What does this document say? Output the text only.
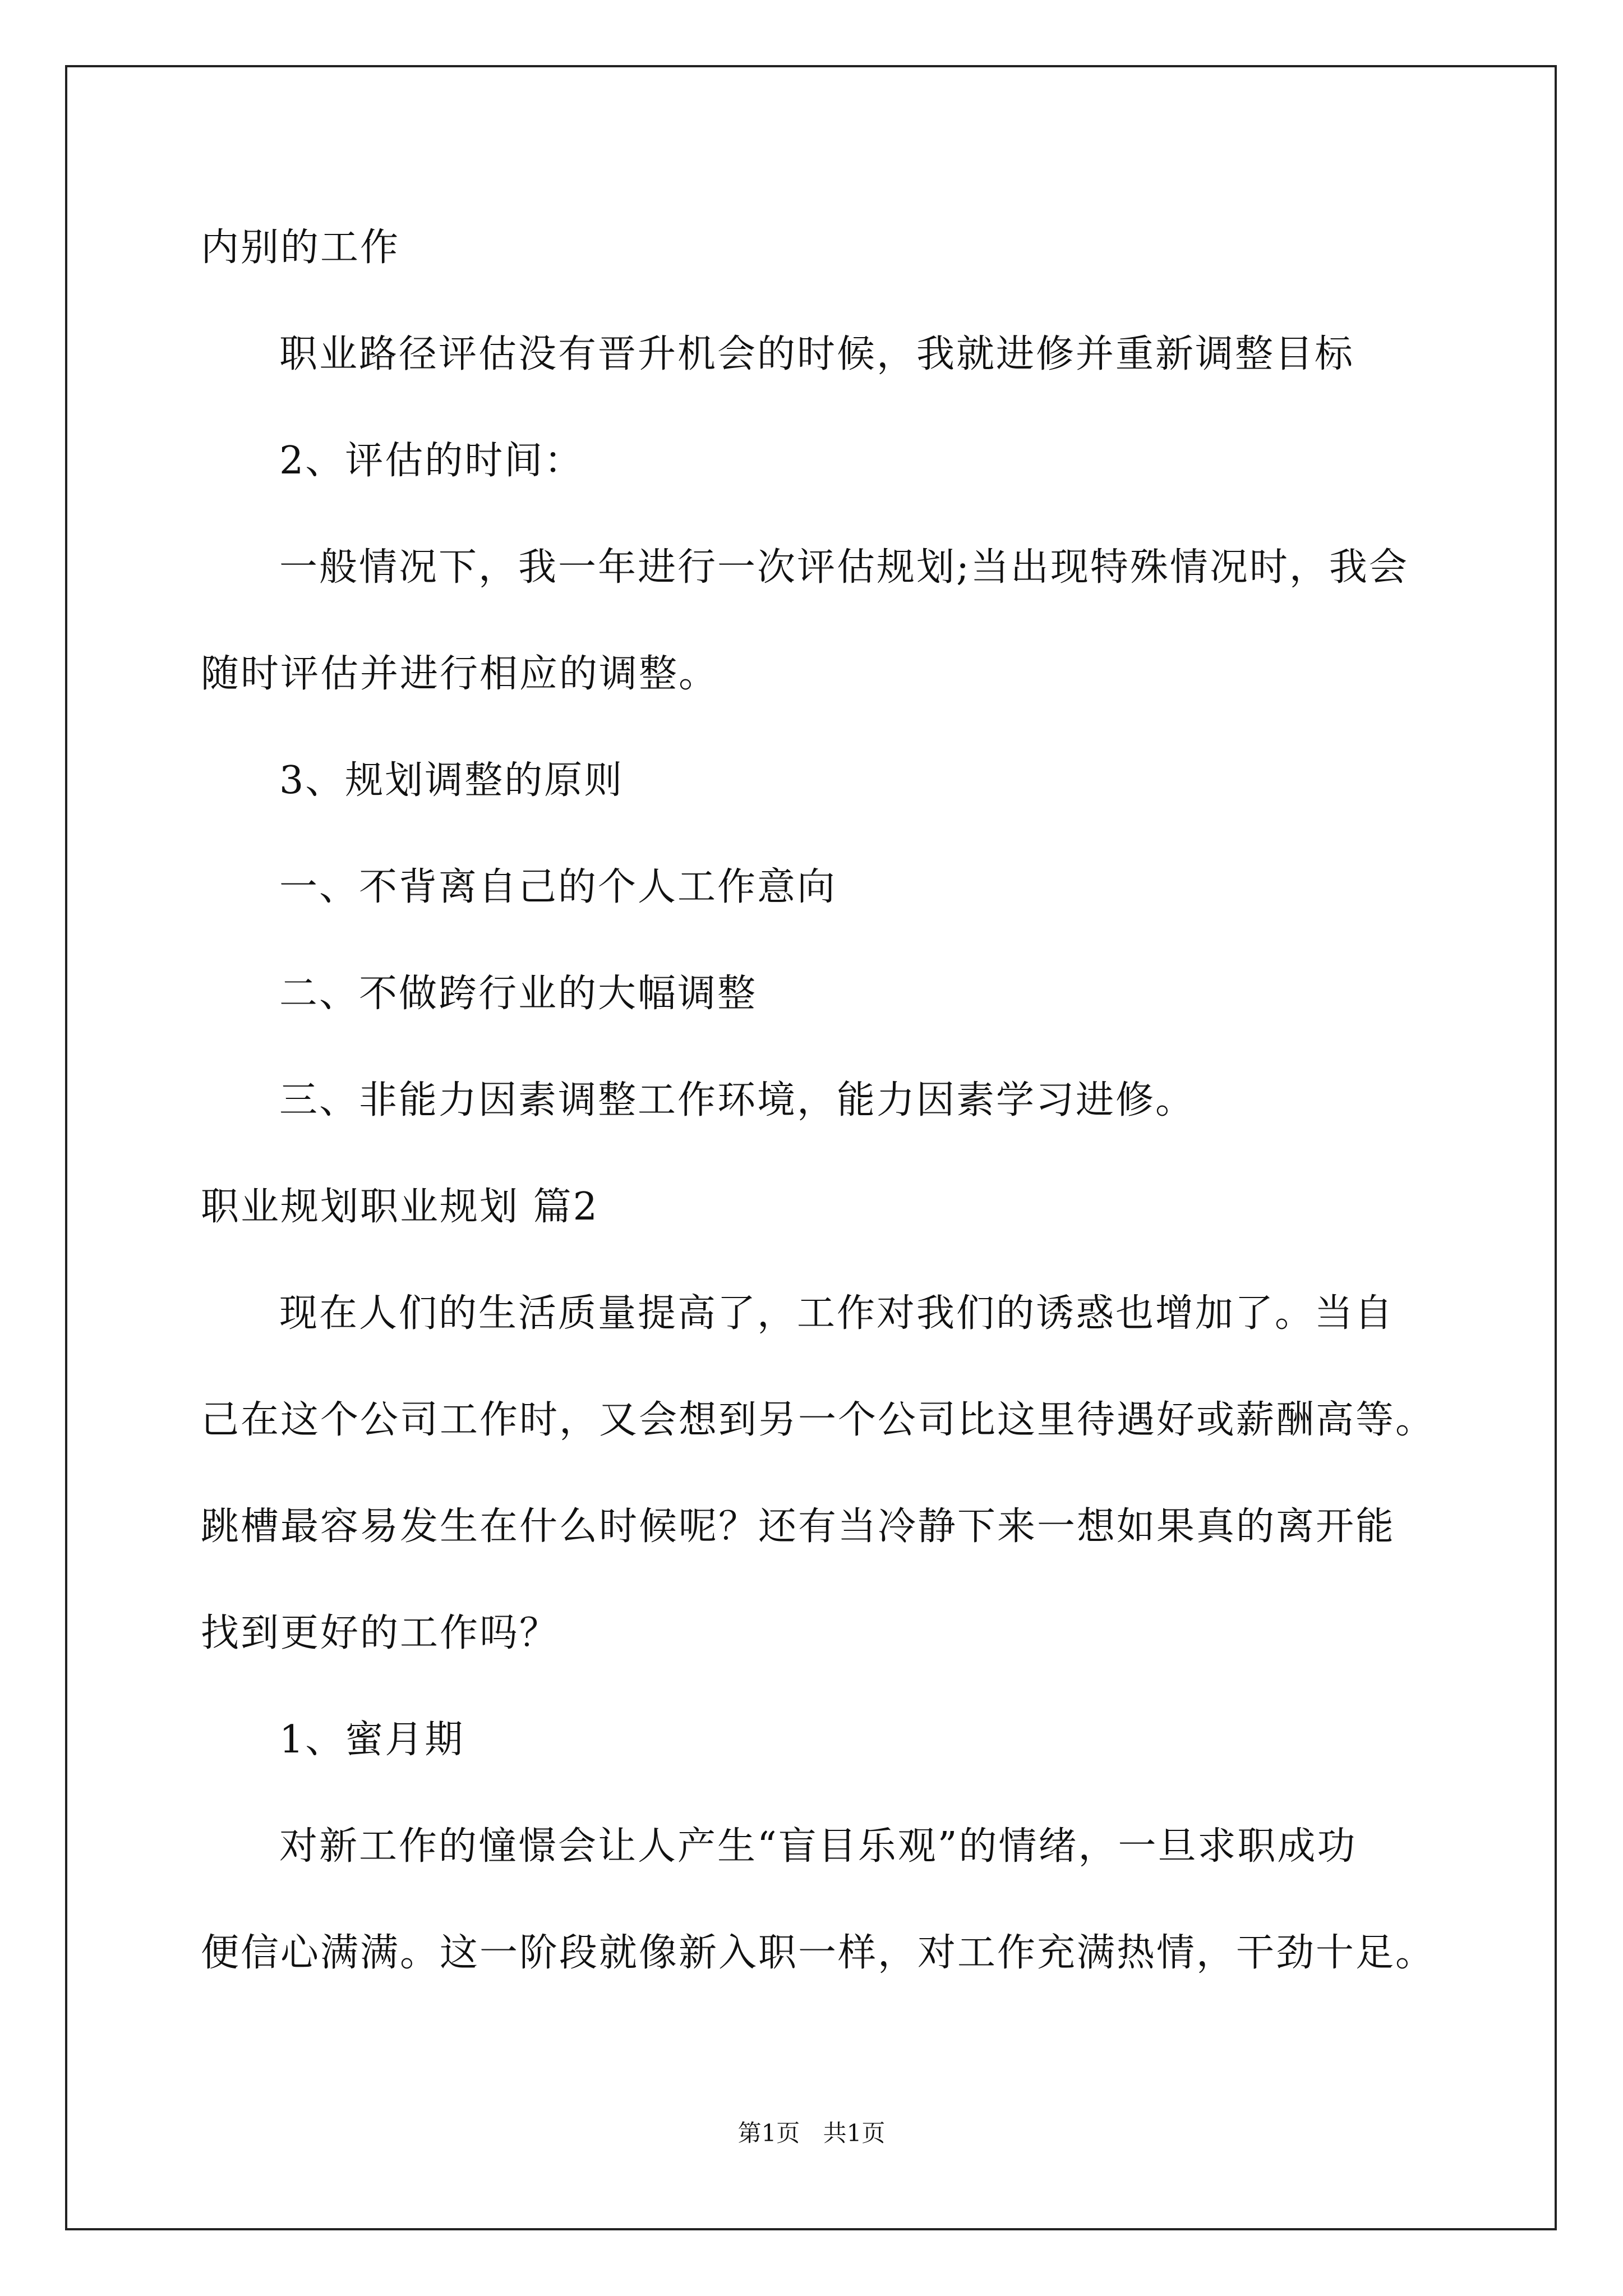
内别的工作
职业路径评估没有晋升机会的时候，我就进修并重新调整目标
2、评估的时间：
一般情况下，我一年进行一次评估规划;当出现特殊情况时，我会
随时评估并进行相应的调整。
3、规划调整的原则
一、不背离自己的个人工作意向
二、不做跨行业的大幅调整
三、非能力因素调整工作环境，能力因素学习进修。
职业规划职业规划 篇2
现在人们的生活质量提高了，工作对我们的诱惑也增加了。当自
己在这个公司工作时，又会想到另一个公司比这里待遇好或薪酬高等。
跳槽最容易发生在什么时候呢？还有当冷静下来一想如果真的离开能
找到更好的工作吗？
1、蜜月期
对新工作的憧憬会让人产生“盲目乐观”的情绪，一旦求职成功
便信心满满。这一阶段就像新入职一样，对工作充满热情，干劲十足。
第1页 共1页
